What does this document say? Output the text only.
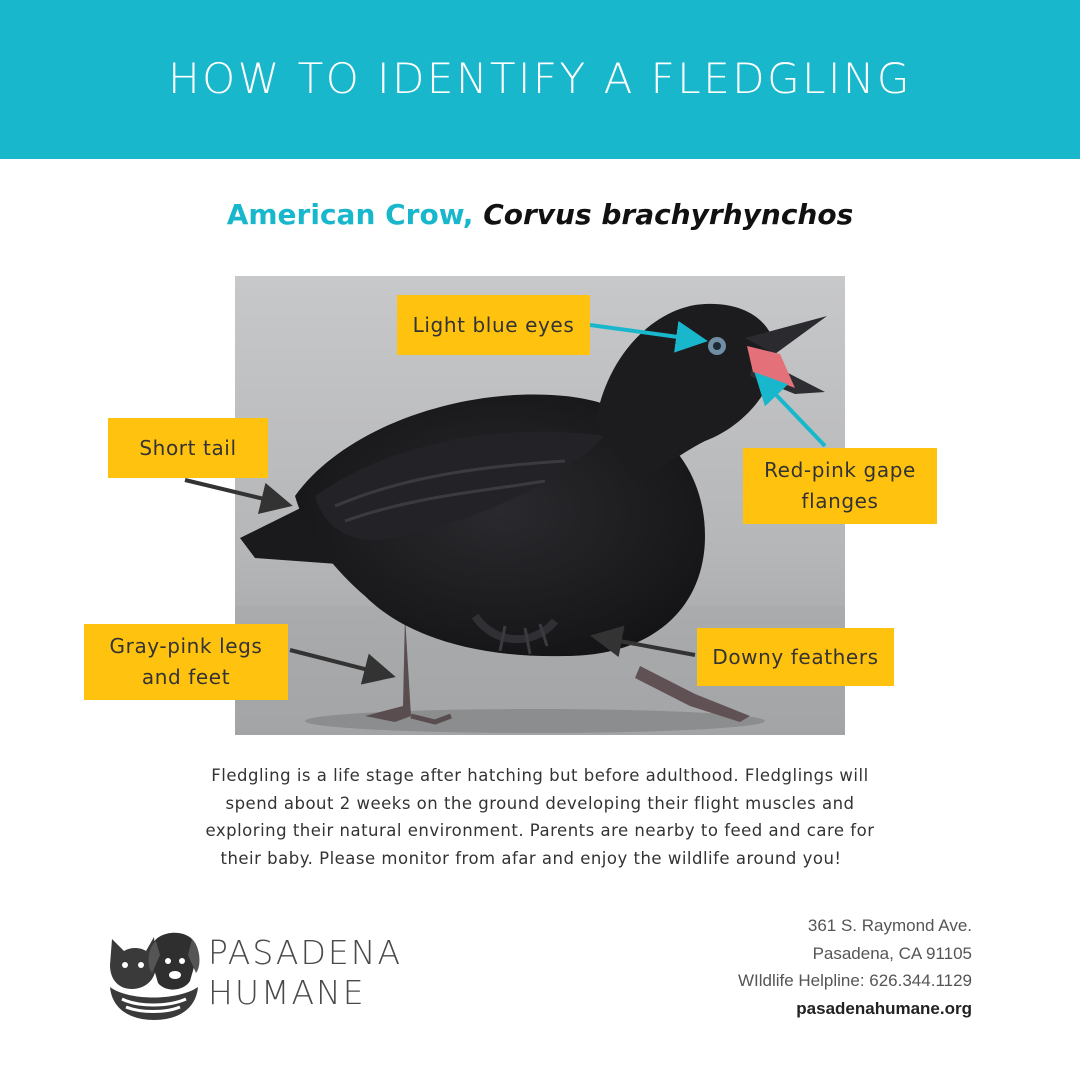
HOW TO IDENTIFY A FLEDGLING
American Crow, Corvus brachyrhynchos
Light blue eyes
Short tail
Red-pink gape
flanges
Gray-pink legs
and feet
Downy feathers
Fledgling is a life stage after hatching but before adulthood. Fledglings will
spend about 2 weeks on the ground developing their flight muscles and
exploring their natural environment. Parents are nearby to feed and care for
their baby. Please monitor from afar and enjoy the wildlife around you!
PASADENA
HUMANE
361 S. Raymond Ave.
Pasadena, CA 91105
WIldlife Helpline: 626.344.1129
pasadenahumane.org
